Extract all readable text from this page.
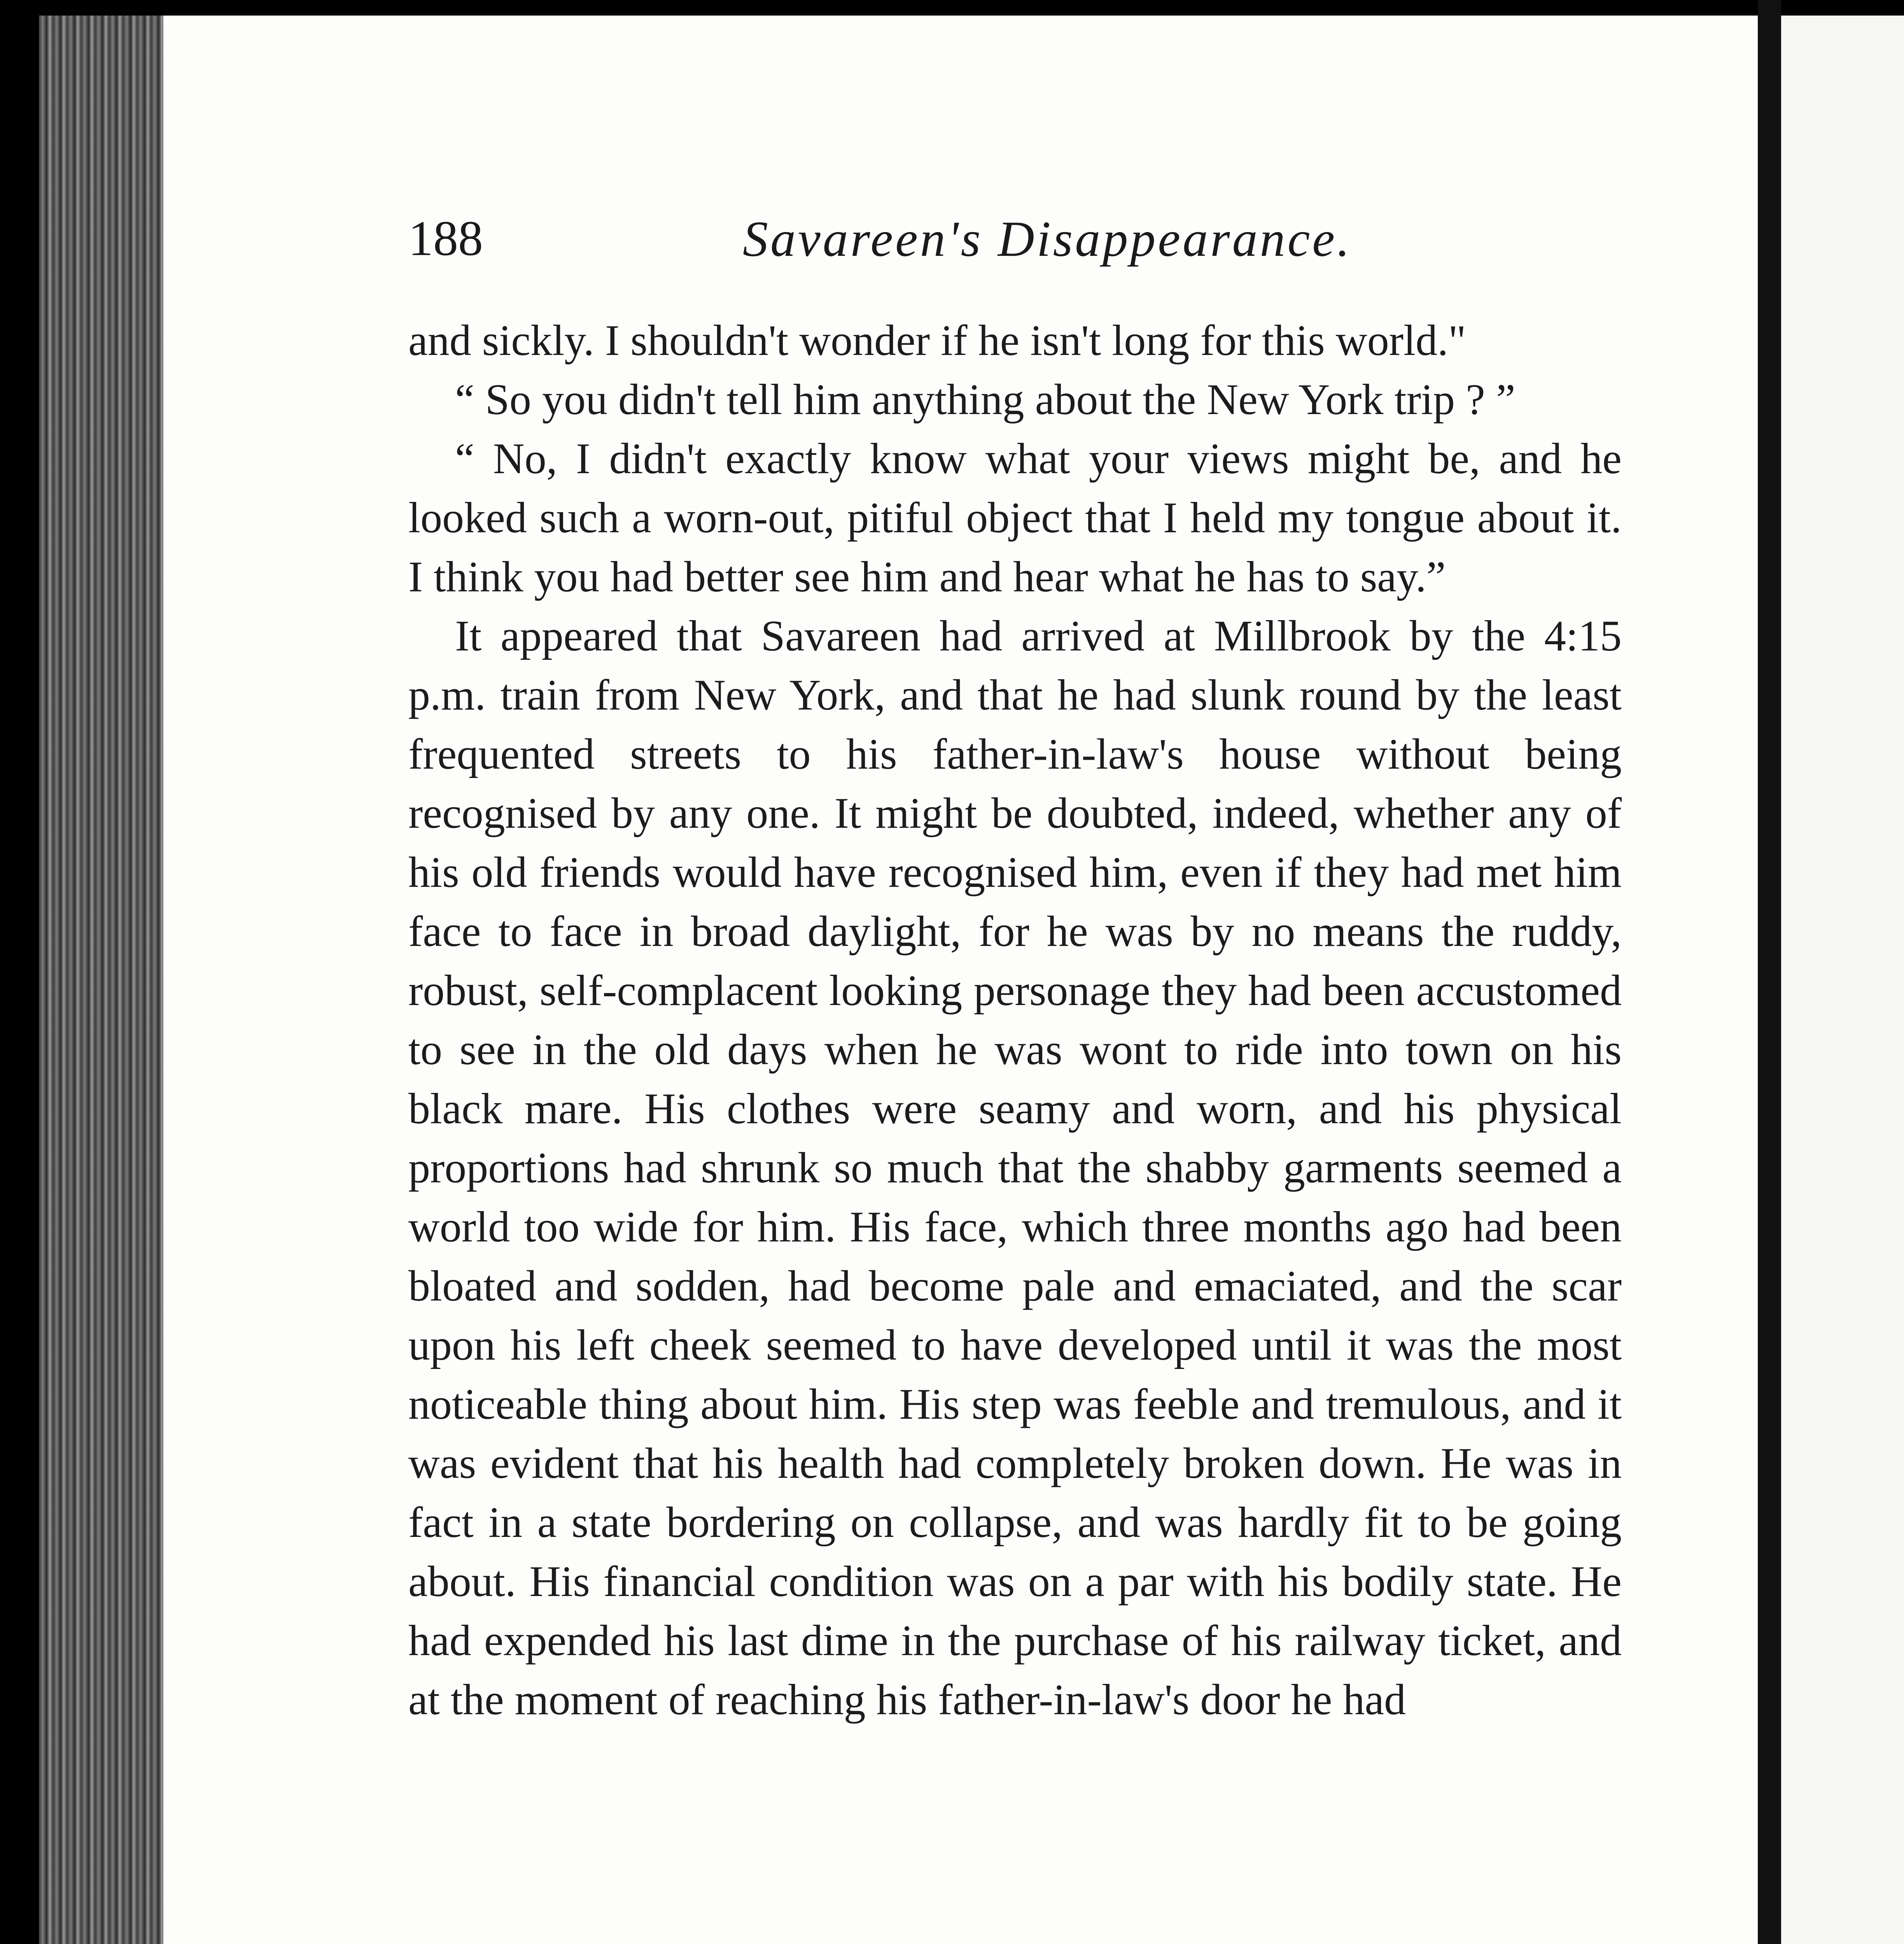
188	Savareen's Disappearance.

and sickly. I shouldn't wonder if he isn't long for this world."

“ So you didn't tell him anything about the New York trip ? ”

“ No, I didn't exactly know what your views might be, and he looked such a worn-out, pitiful object that I held my tongue about it. I think you had better see him and hear what he has to say.”

It appeared that Savareen had arrived at Millbrook by the 4:15 p.m. train from New York, and that he had slunk round by the least frequented streets to his father-in-law's house without being recognised by any one. It might be doubted, indeed, whether any of his old friends would have recognised him, even if they had met him face to face in broad daylight, for he was by no means the ruddy, robust, self-complacent looking personage they had been accustomed to see in the old days when he was wont to ride into town on his black mare. His clothes were seamy and worn, and his physical proportions had shrunk so much that the shabby garments seemed a world too wide for him. His face, which three months ago had been bloated and sodden, had become pale and emaciated, and the scar upon his left cheek seemed to have developed until it was the most noticeable thing about him. His step was feeble and tremulous, and it was evident that his health had completely broken down. He was in fact in a state bordering on collapse, and was hardly fit to be going about. His financial condition was on a par with his bodily state. He had expended his last dime in the purchase of his railway ticket, and at the moment of reaching his father-in-law's door he had
